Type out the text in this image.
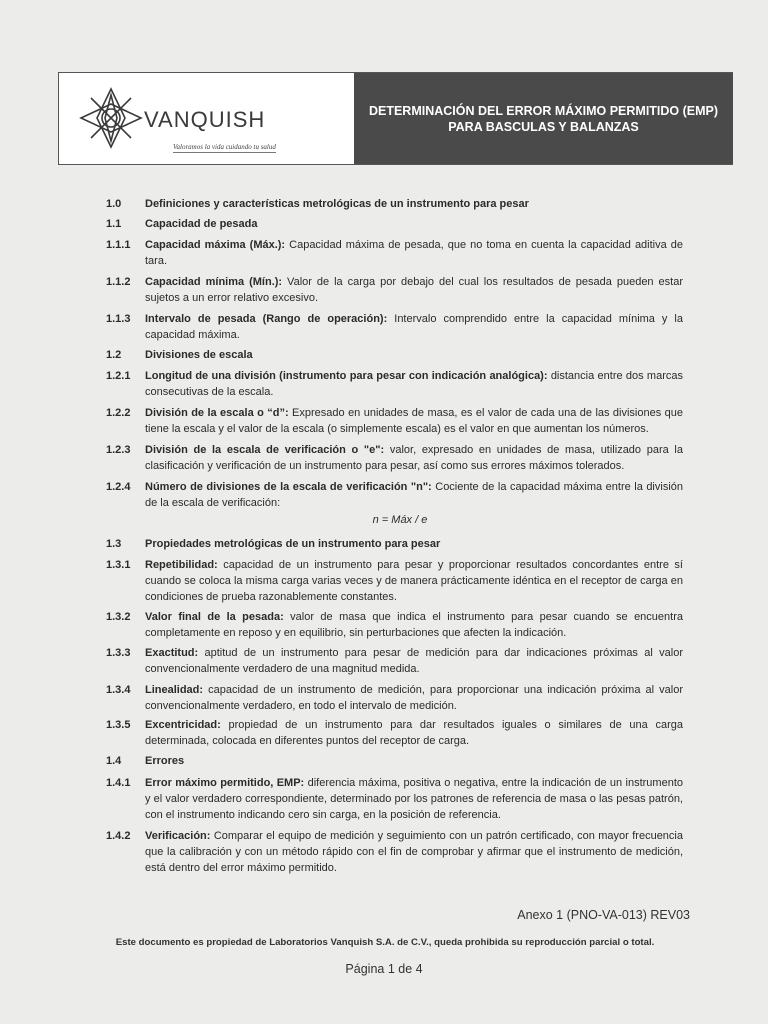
VANQUISH
Valoramos la vida cuidando tu salud
DETERMINACIÓN DEL ERROR MÁXIMO PERMITIDO (EMP)
PARA BASCULAS Y BALANZAS
1.0	Definiciones y características metrológicas de un instrumento para pesar
1.1	Capacidad de pesada
1.1.1	Capacidad máxima (Máx.): Capacidad máxima de pesada, que no toma en cuenta la capacidad aditiva de tara.
1.1.2	Capacidad mínima (Mín.): Valor de la carga por debajo del cual los resultados de pesada pueden estar sujetos a un error relativo excesivo.
1.1.3	Intervalo de pesada (Rango de operación): Intervalo comprendido entre la capacidad mínima y la capacidad máxima.
1.2	Divisiones de escala
1.2.1	Longitud de una división (instrumento para pesar con indicación analógica): distancia entre dos marcas consecutivas de la escala.
1.2.2	División de la escala o “d”: Expresado en unidades de masa, es el valor de cada una de las divisiones que tiene la escala y el valor de la escala (o simplemente escala) es el valor en que aumentan los números.
1.2.3	División de la escala de verificación o "e": valor, expresado en unidades de masa, utilizado para la clasificación y verificación de un instrumento para pesar, así como sus errores máximos tolerados.
1.2.4	Número de divisiones de la escala de verificación "n": Cociente de la capacidad máxima entre la división de la escala de verificación:
n = Máx / e
1.3	Propiedades metrológicas de un instrumento para pesar
1.3.1	Repetibilidad: capacidad de un instrumento para pesar y proporcionar resultados concordantes entre sí cuando se coloca la misma carga varias veces y de manera prácticamente idéntica en el receptor de carga en condiciones de prueba razonablemente constantes.
1.3.2	Valor final de la pesada: valor de masa que indica el instrumento para pesar cuando se encuentra completamente en reposo y en equilibrio, sin perturbaciones que afecten la indicación.
1.3.3	Exactitud: aptitud de un instrumento para pesar de medición para dar indicaciones próximas al valor convencionalmente verdadero de una magnitud medida.
1.3.4	Linealidad: capacidad de un instrumento de medición, para proporcionar una indicación próxima al valor convencionalmente verdadero, en todo el intervalo de medición.
1.3.5	Excentricidad: propiedad de un instrumento para dar resultados iguales o similares de una carga determinada, colocada en diferentes puntos del receptor de carga.
1.4	Errores
1.4.1	Error máximo permitido, EMP: diferencia máxima, positiva o negativa, entre la indicación de un instrumento y el valor verdadero correspondiente, determinado por los patrones de referencia de masa o las pesas patrón, con el instrumento indicando cero sin carga, en la posición de referencia.
1.4.2	Verificación: Comparar el equipo de medición y seguimiento con un patrón certificado, con mayor frecuencia que la calibración y con un método rápido con el fin de comprobar y afirmar que el instrumento de medición, está dentro del error máximo permitido.
Anexo 1 (PNO-VA-013) REV03
Este documento es propiedad de Laboratorios Vanquish S.A. de C.V., queda prohibida su reproducción parcial o total.
Página 1 de 4
